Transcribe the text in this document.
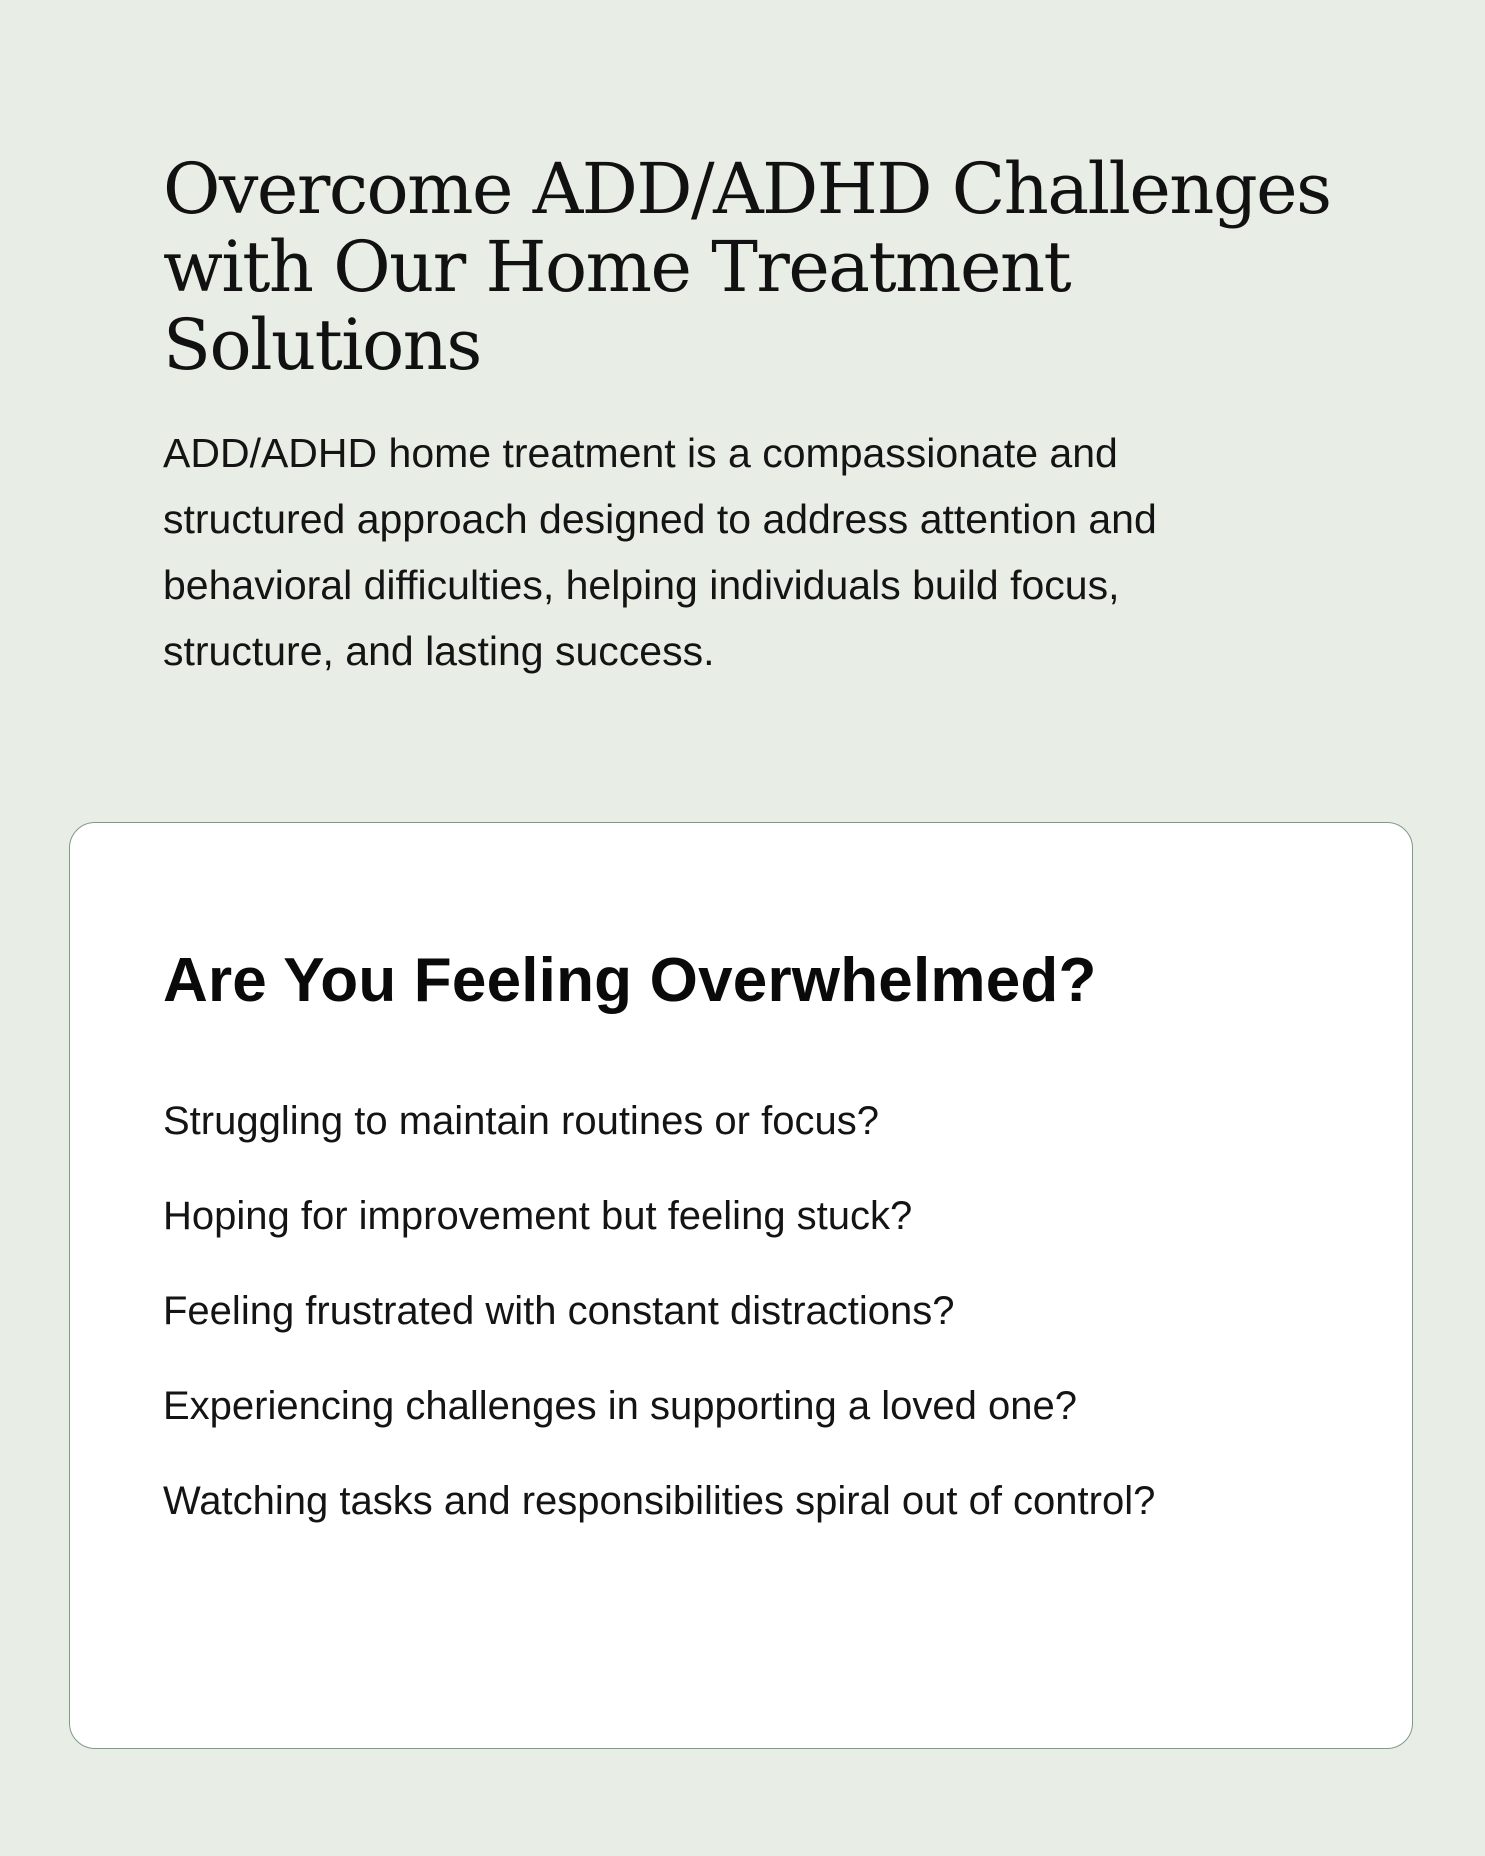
Overcome ADD/ADHD Challenges
with Our Home Treatment Solutions

ADD/ADHD home treatment is a compassionate and
structured approach designed to address attention and
behavioral difficulties, helping individuals build focus,
structure, and lasting success.

Are You Feeling Overwhelmed?
Struggling to maintain routines or focus?
Hoping for improvement but feeling stuck?
Feeling frustrated with constant distractions?
Experiencing challenges in supporting a loved one?
Watching tasks and responsibilities spiral out of control?
